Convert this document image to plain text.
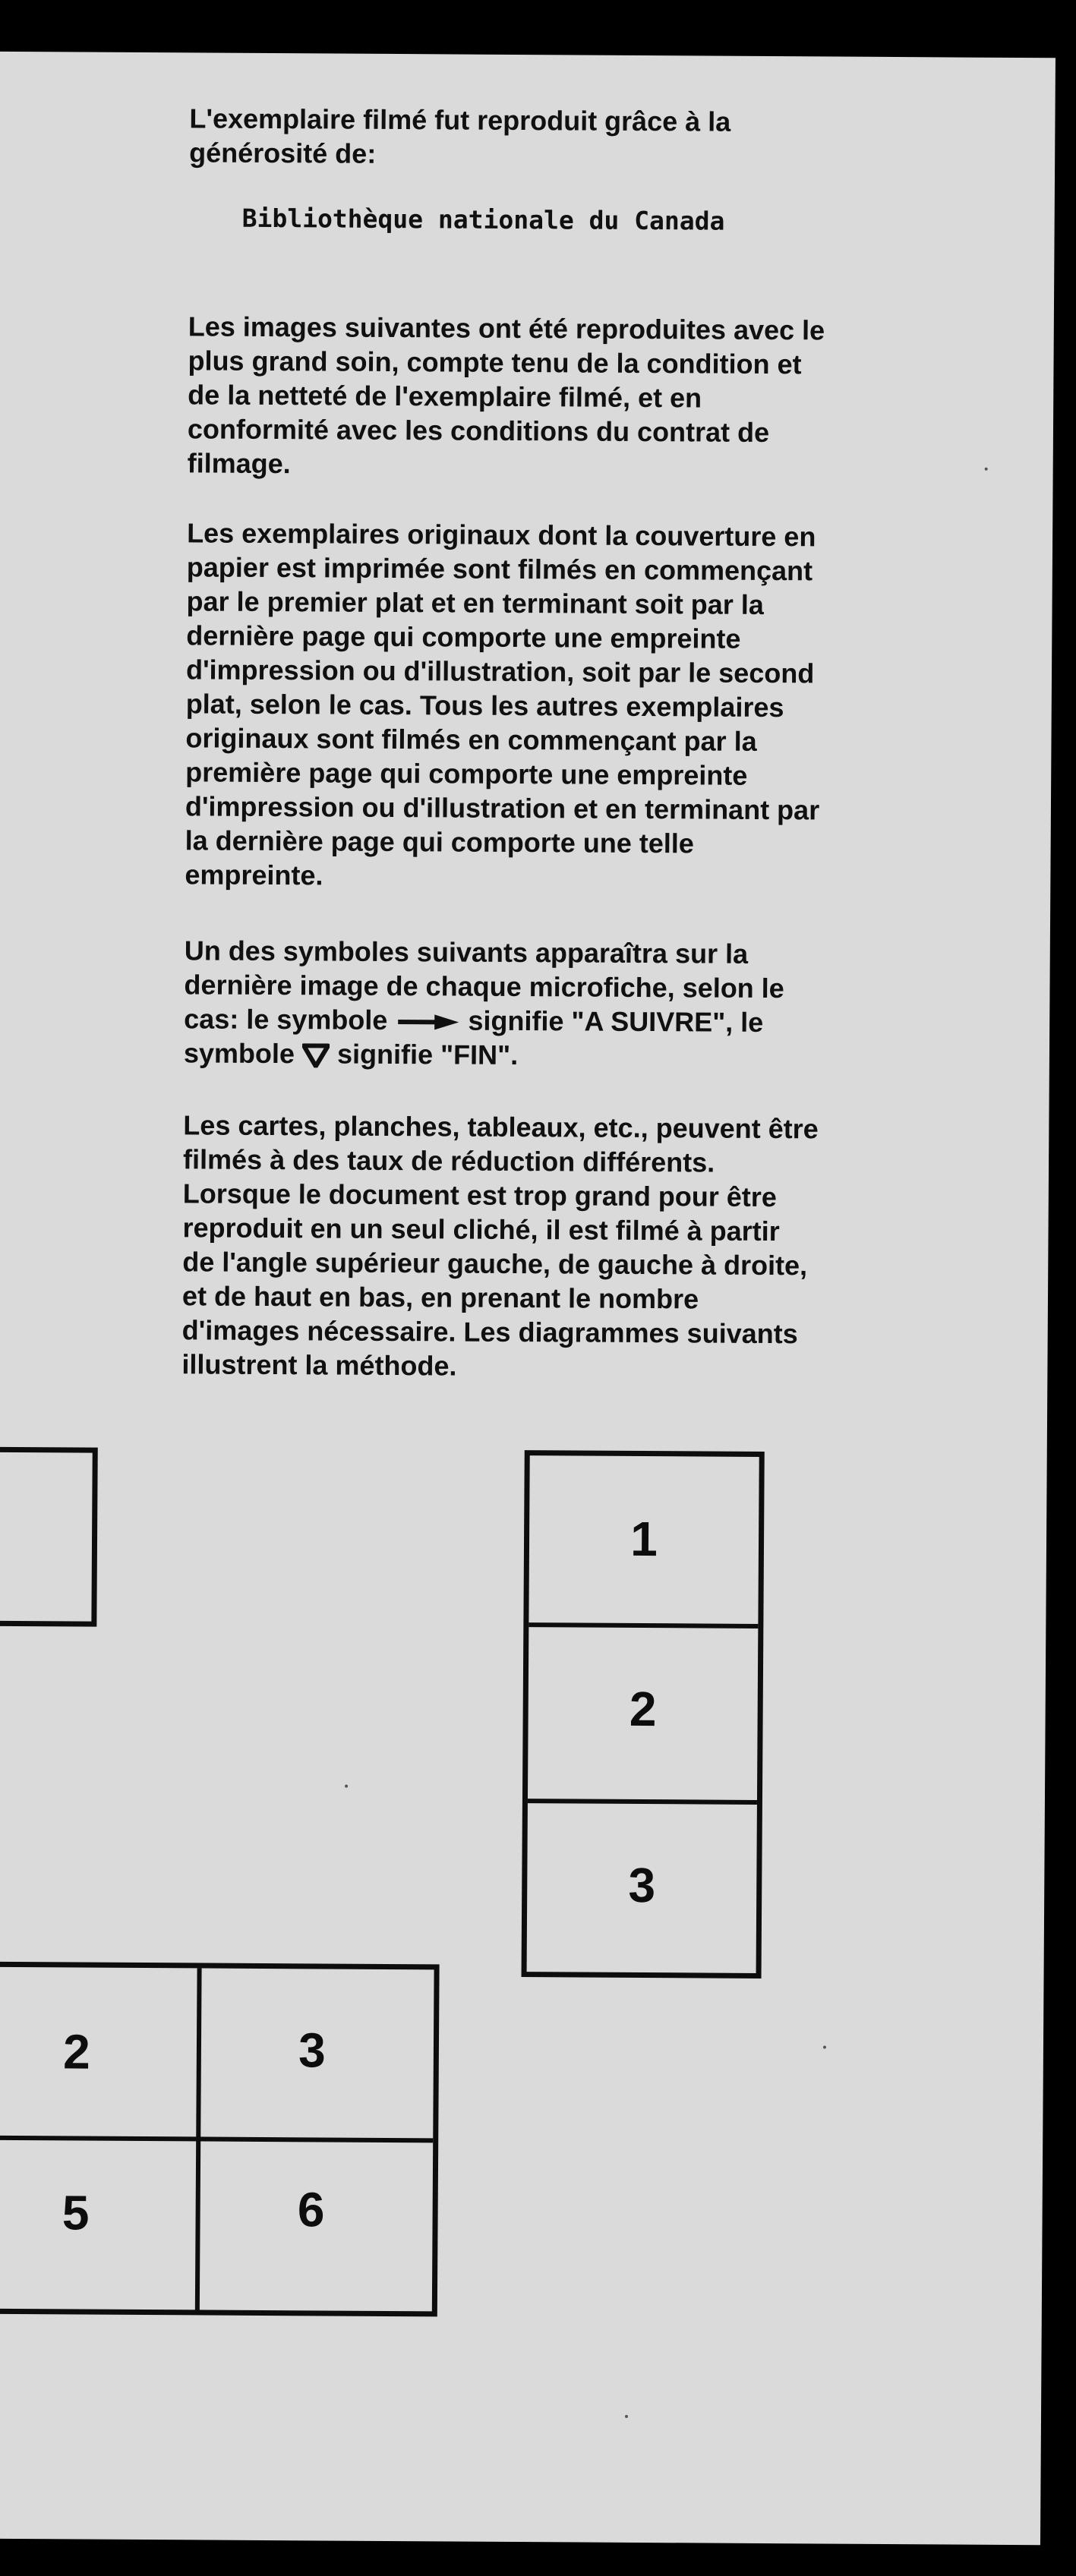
L'exemplaire filmé fut reproduit grâce à la
générosité de:
Bibliothèque nationale du Canada
Les images suivantes ont été reproduites avec le
plus grand soin, compte tenu de la condition et
de la netteté de l'exemplaire filmé, et en
conformité avec les conditions du contrat de
filmage.
Les exemplaires originaux dont la couverture en
papier est imprimée sont filmés en commençant
par le premier plat et en terminant soit par la
dernière page qui comporte une empreinte
d'impression ou d'illustration, soit par le second
plat, selon le cas. Tous les autres exemplaires
originaux sont filmés en commençant par la
première page qui comporte une empreinte
d'impression ou d'illustration et en terminant par
la dernière page qui comporte une telle
empreinte.
Un des symboles suivants apparaîtra sur la
dernière image de chaque microfiche, selon le
cas: le symbole	signifie "A SUIVRE", le
symbole signifie "FIN".
Les cartes, planches, tableaux, etc., peuvent être
filmés à des taux de réduction différents.
Lorsque le document est trop grand pour être
reproduit en un seul cliché, il est filmé à partir
de l'angle supérieur gauche, de gauche à droite,
et de haut en bas, en prenant le nombre
d'images nécessaire. Les diagrammes suivants
illustrent la méthode.
1
2
3
2	3
5	6
